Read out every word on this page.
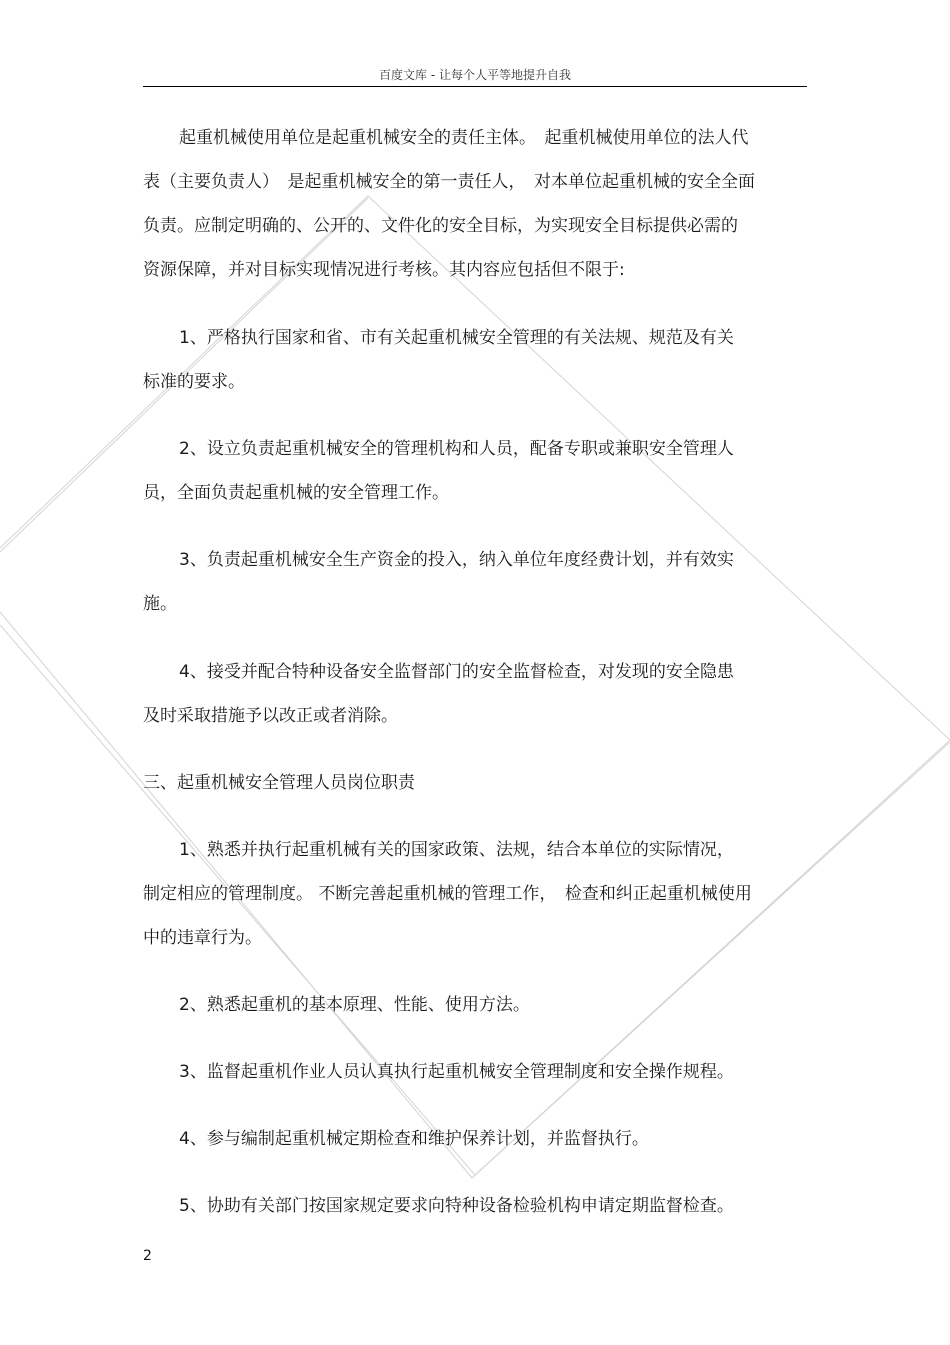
百度文库 - 让每个人平等地提升自我
起重机械使用单位是起重机械安全的责任主体。　起重机械使用单位的法人代
表（主要负责人）　是起重机械安全的第一责任人，　对本单位起重机械的安全全面
负责。应制定明确的、公开的、文件化的安全目标，为实现安全目标提供必需的
资源保障，并对目标实现情况进行考核。其内容应包括但不限于:
1、严格执行国家和省、市有关起重机械安全管理的有关法规、规范及有关
标准的要求。
2、设立负责起重机械安全的管理机构和人员，配备专职或兼职安全管理人
员，全面负责起重机械的安全管理工作。
3、负责起重机械安全生产资金的投入，纳入单位年度经费计划，并有效实
施。
4、接受并配合特种设备安全监督部门的安全监督检查，对发现的安全隐患
及时采取措施予以改正或者消除。
三、起重机械安全管理人员岗位职责
1、熟悉并执行起重机械有关的国家政策、法规，结合本单位的实际情况，
制定相应的管理制度。 不断完善起重机械的管理工作，　检查和纠正起重机械使用
中的违章行为。
2、熟悉起重机的基本原理、性能、使用方法。
3、监督起重机作业人员认真执行起重机械安全管理制度和安全操作规程。
4、参与编制起重机械定期检查和维护保养计划，并监督执行。
5、协助有关部门按国家规定要求向特种设备检验机构申请定期监督检查。
2
